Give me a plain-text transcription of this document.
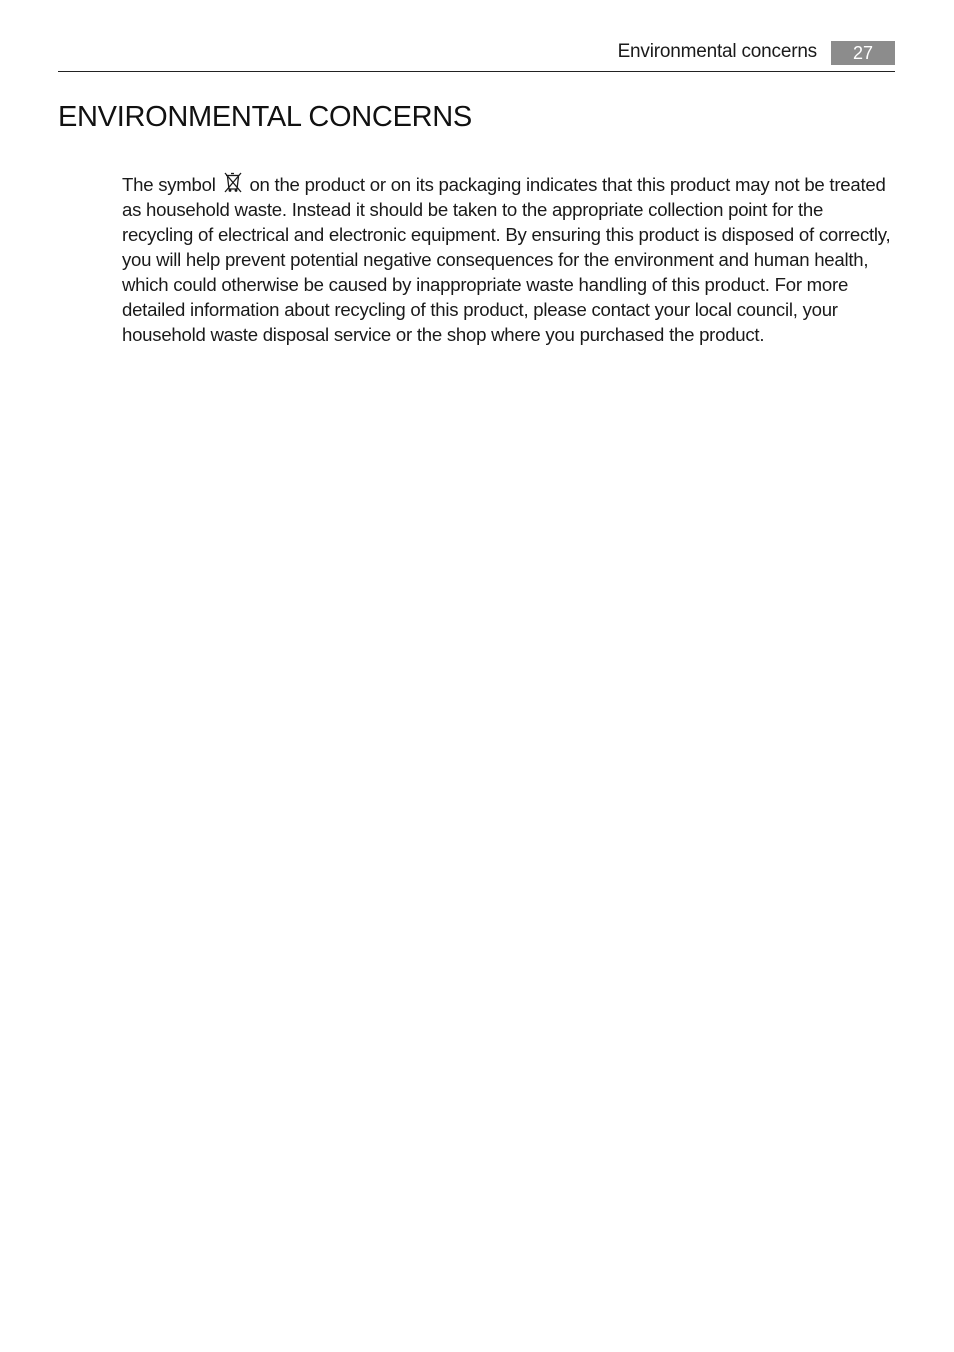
Environmental concerns	27
ENVIRONMENTAL CONCERNS

The symbol on the product or on its packaging indicates that this product may not be treated as household waste. Instead it should be taken to the appropriate collection point for the recycling of electrical and electronic equipment. By ensuring this product is disposed of correctly, you will help prevent potential negative consequences for the environment and human health, which could otherwise be caused by inappropriate waste handling of this product. For more detailed information about recycling of this product, please contact your local council, your household waste disposal service or the shop where you purchased the product.
